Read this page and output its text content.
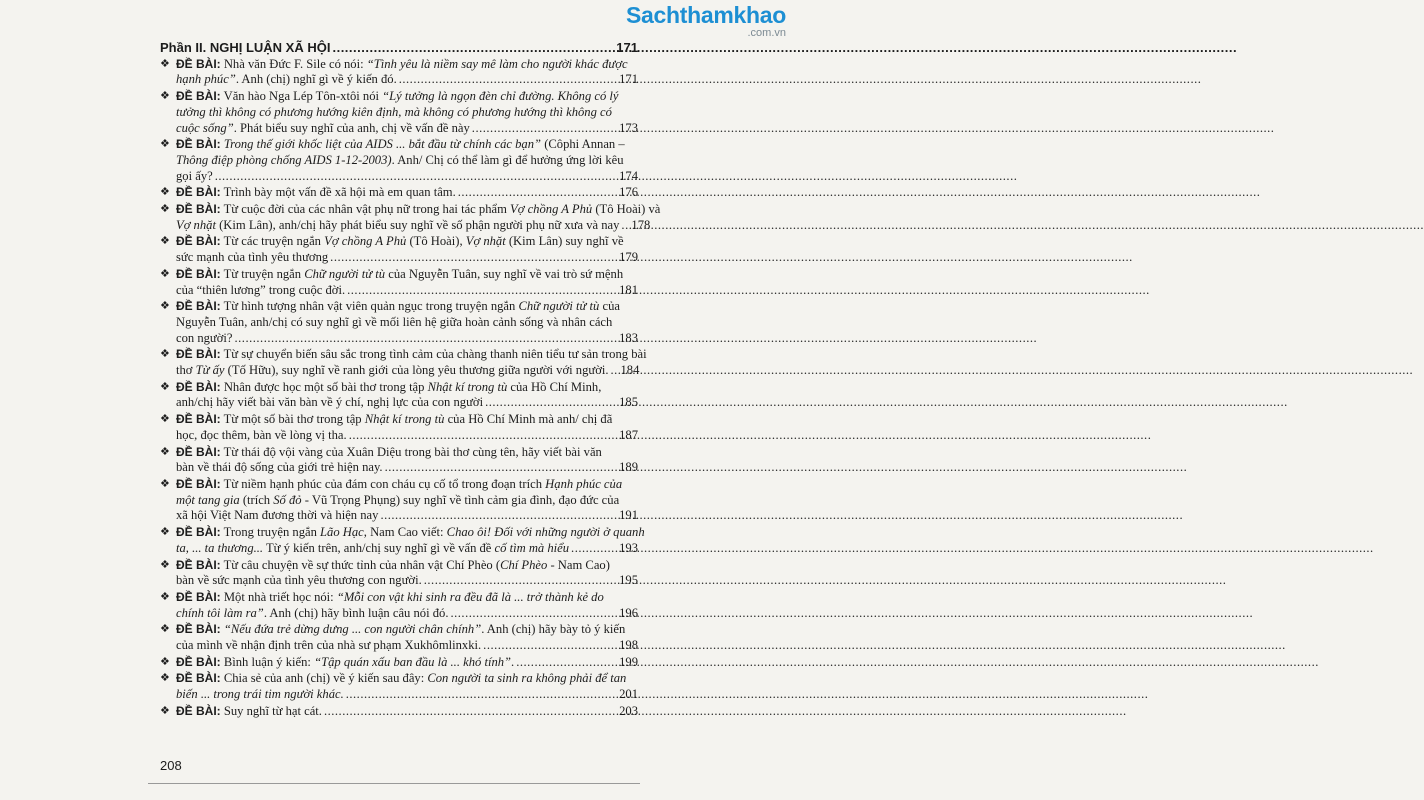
Sachthamkhao
.com.vn
Phần II. NGHỊ LUẬN XÃ HỘI .....	171
❖ ĐỀ BÀI: Nhà văn Đức F. Sile có nói: “Tình yêu là niềm say mê làm cho người khác được
hạnh phúc”. Anh (chị) nghĩ gì về ý kiến đó. .....	171
❖ ĐỀ BÀI: Văn hào Nga Lép Tôn-xtôi nói “Lý tưởng là ngọn đèn chỉ đường. Không có lý
tưởng thì không có phương hướng kiên định, mà không có phương hướng thì không có
cuộc sống”. Phát biểu suy nghĩ của anh, chị về vấn đề này .....	173
❖ ĐỀ BÀI: Trong thế giới khốc liệt của AIDS ... bắt đầu từ chính các bạn” (Côphi Annan –
Thông điệp phòng chống AIDS 1-12-2003). Anh/ Chị có thể làm gì để hưởng ứng lời kêu
gọi ấy? .....	174
❖ ĐỀ BÀI: Trình bày một vấn đề xã hội mà em quan tâm. .....	176
❖ ĐỀ BÀI: Từ cuộc đời của các nhân vật phụ nữ trong hai tác phẩm Vợ chồng A Phủ (Tô Hoài) và
Vợ nhặt (Kim Lân), anh/chị hãy phát biểu suy nghĩ về số phận người phụ nữ xưa và nay ..... 178
❖ ĐỀ BÀI: Từ các truyện ngắn Vợ chồng A Phủ (Tô Hoài), Vợ nhặt (Kim Lân) suy nghĩ về
sức mạnh của tình yêu thương .....	179
❖ ĐỀ BÀI: Từ truyện ngắn Chữ người tử tù của Nguyễn Tuân, suy nghĩ về vai trò sứ mệnh
của “thiên lương” trong cuộc đời. .....	181
❖ ĐỀ BÀI: Từ hình tượng nhân vật viên quản ngục trong truyện ngắn Chữ người tử tù của
Nguyễn Tuân, anh/chị có suy nghĩ gì về mối liên hệ giữa hoàn cảnh sống và nhân cách
con người? .....	183
❖ ĐỀ BÀI: Từ sự chuyển biến sâu sắc trong tình cảm của chàng thanh niên tiểu tư sản trong bài
thơ Từ ấy (Tố Hữu), suy nghĩ về ranh giới của lòng yêu thương giữa người với người. ..... 184
❖ ĐỀ BÀI: Nhân được học một số bài thơ trong tập Nhật kí trong tù của Hồ Chí Minh,
anh/chị hãy viết bài văn bàn về ý chí, nghị lực của con người .....	185
❖ ĐỀ BÀI: Từ một số bài thơ trong tập Nhật kí trong tù của Hồ Chí Minh mà anh/ chị đã
học, đọc thêm, bàn về lòng vị tha. .....	187
❖ ĐỀ BÀI: Từ thái độ vội vàng của Xuân Diệu trong bài thơ cùng tên, hãy viết bài văn
bàn về thái độ sống của giới trẻ hiện nay. .....	189
❖ ĐỀ BÀI: Từ niềm hạnh phúc của đám con cháu cụ cố tổ trong đoạn trích Hạnh phúc của
một tang gia (trích Số đỏ - Vũ Trọng Phụng) suy nghĩ về tình cảm gia đình, đạo đức của
xã hội Việt Nam đương thời và hiện nay .....	191
❖ ĐỀ BÀI: Trong truyện ngắn Lão Hạc, Nam Cao viết: Chao ôi! Đối với những người ở quanh
ta, ... ta thương... Từ ý kiến trên, anh/chị suy nghĩ gì về vấn đề cố tìm mà hiểu .....	193
❖ ĐỀ BÀI: Từ câu chuyện về sự thức tỉnh của nhân vật Chí Phèo (Chí Phèo - Nam Cao)
bàn về sức mạnh của tình yêu thương con người. .....	195
❖ ĐỀ BÀI: Một nhà triết học nói: “Mỗi con vật khi sinh ra đều đã là ... trở thành kẻ do
chính tôi làm ra”. Anh (chị) hãy bình luận câu nói đó. .....	196
❖ ĐỀ BÀI: “Nếu đứa trẻ dừng dưng ... con người chân chính”. Anh (chị) hãy bày tỏ ý kiến
của mình về nhận định trên của nhà sư phạm Xukhômlinxki. .....	198
❖ ĐỀ BÀI: Bình luận ý kiến: “Tập quán xấu ban đầu là ... khó tính”. .....	199
❖ ĐỀ BÀI: Chia sẻ của anh (chị) về ý kiến sau đây: Con người ta sinh ra không phải để tan
biến ... trong trái tim người khác. .....	201
❖ ĐỀ BÀI: Suy nghĩ từ hạt cát. .....	203
208
